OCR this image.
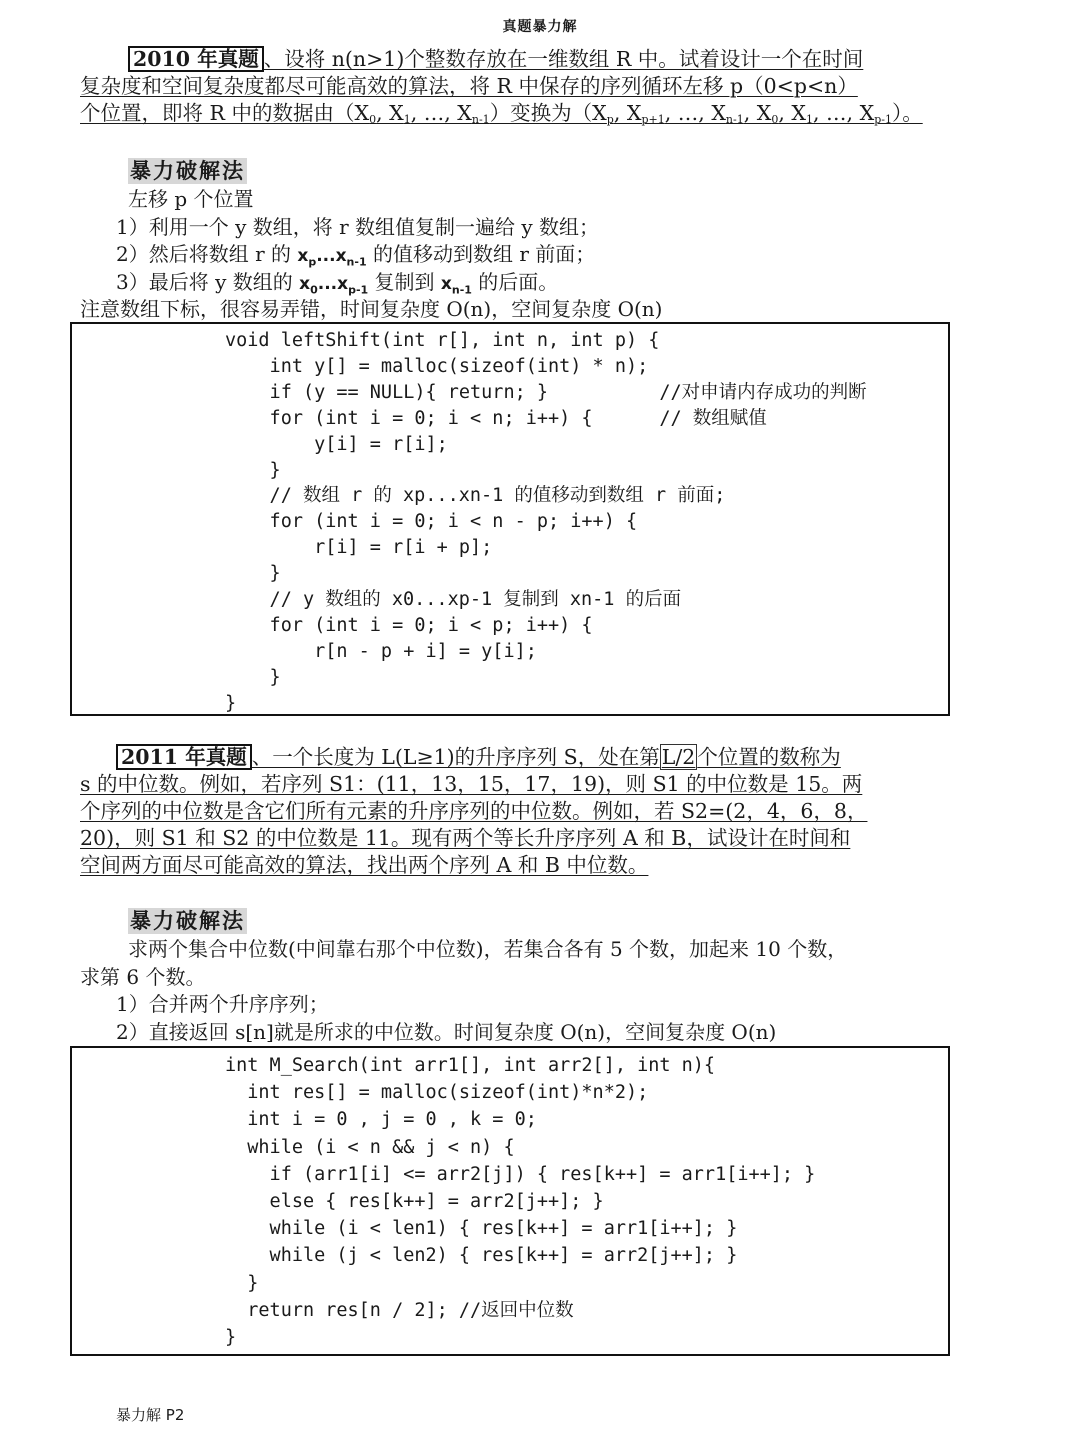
真题暴力解
2010 年真题 、设将 n(n>1)个整数存放在一维数组 R 中。试着设计一个在时间
复杂度和空间复杂度都尽可能高效的算法，将 R 中保存的序列循环左移 p（0<p<n）
个位置，即将 R 中的数据由（$X_0$, $X_1$, …, $X_{n-1}$）变换为（$X_p$, $X_{p+1}$, …, $X_{n-1}$, $X_0$, $X_1$, …, $X_{p-1}$）。
暴力破解法
左移 p 个位置
1）利用一个 y 数组，将 r 数组值复制一遍给 y 数组；
2）然后将数组 r 的 $x_p...x_{n-1}$ 的值移动到数组 r 前面；
3）最后将 y 数组的 $x_0...x_{p-1}$ 复制到 $x_{n-1}$ 的后面。
注意数组下标，很容易弄错，时间复杂度 O(n)，空间复杂度 O(n)
void leftShift(int r[], int n, int p) {
int y[] = malloc(sizeof(int) * n);
if (y == NULL){ return; }          //对申请内存成功的判断
for (int i = 0; i < n; i++) {      // 数组赋值
y[i] = r[i];
}
// 数组 r 的 xp...xn-1 的值移动到数组 r 前面;
for (int i = 0; i < n - p; i++) {
r[i] = r[i + p];
}
// y 数组的 x0...xp-1 复制到 xn-1 的后面
for (int i = 0; i < p; i++) {
r[n - p + i] = y[i];
}
}
2011 年真题 、一个长度为 L(L≥1)的升序序列 S，处在第L/2个位置的数称为
s 的中位数。例如，若序列 S1：(11，13，15，17，19)，则 S1 的中位数是 15。两
个序列的中位数是含它们所有元素的升序序列的中位数。例如，若 S2=(2，4，6，8，
20)，则 S1 和 S2 的中位数是 11。现有两个等长升序序列 A 和 B，试设计在时间和
空间两方面尽可能高效的算法，找出两个序列 A 和 B 中位数。
暴力破解法
求两个集合中位数(中间靠右那个中位数)，若集合各有 5 个数，加起来 10 个数，
求第 6 个数。
1）合并两个升序序列；
2）直接返回 s[n]就是所求的中位数。时间复杂度 O(n)，空间复杂度 O(n)
int M_Search(int arr1[], int arr2[], int n){
int res[] = malloc(sizeof(int)*n*2);
int i = 0 , j = 0 , k = 0;
while (i < n && j < n) {
if (arr1[i] <= arr2[j]) { res[k++] = arr1[i++]; }
else { res[k++] = arr2[j++]; }
while (i < len1) { res[k++] = arr1[i++]; }
while (j < len2) { res[k++] = arr2[j++]; }
}
return res[n / 2]; //返回中位数
}
暴力解 P2
